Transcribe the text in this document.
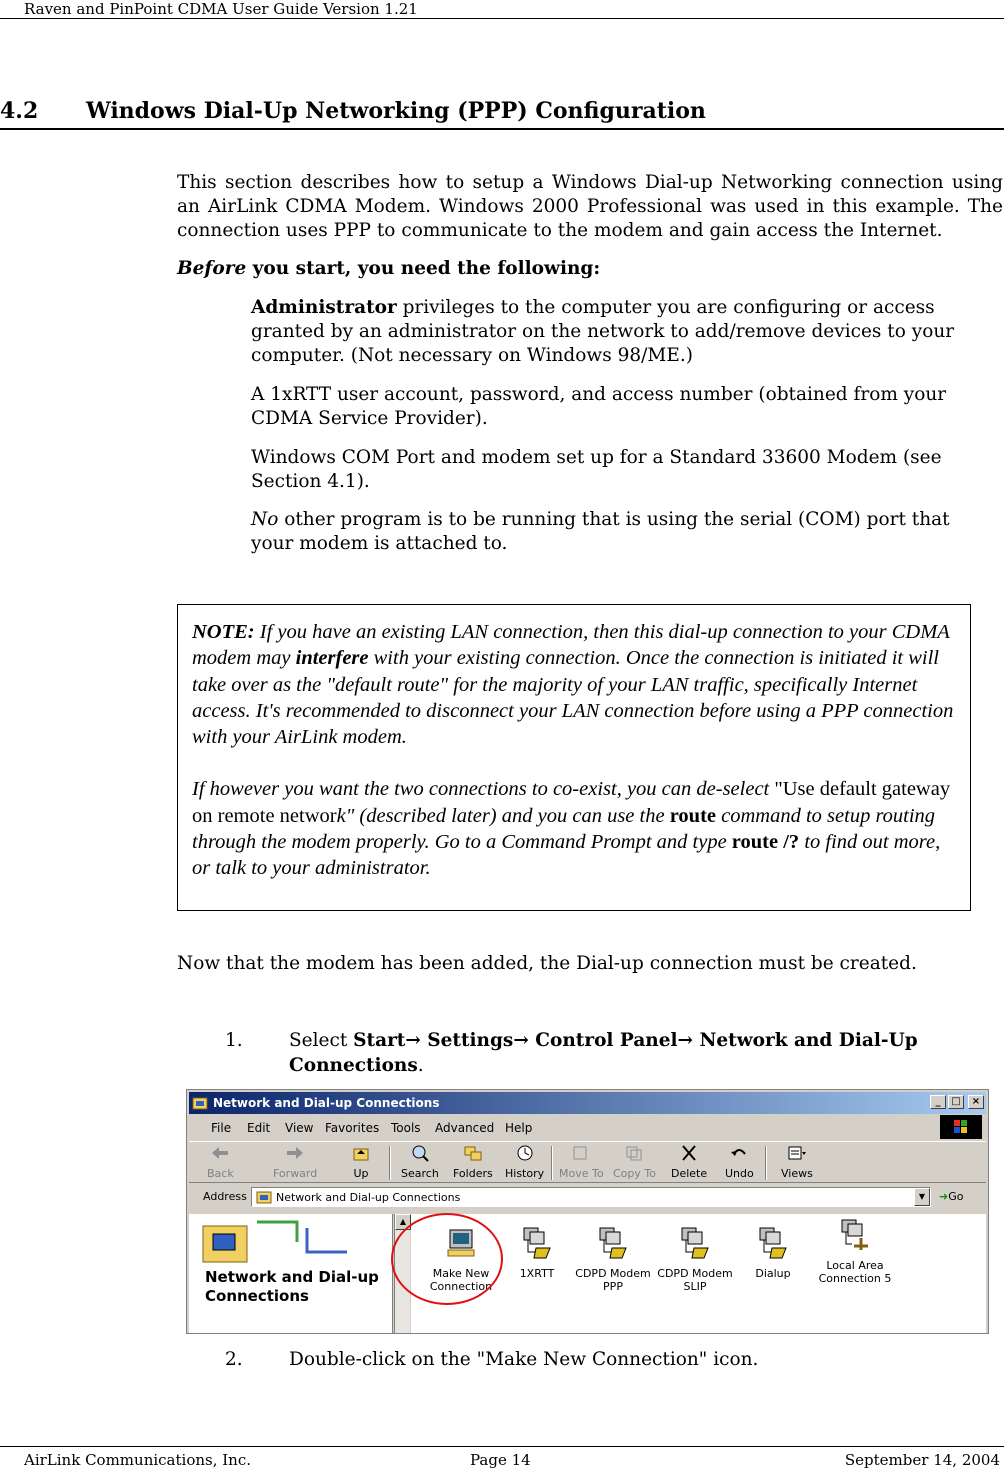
Raven and PinPoint CDMA User Guide Version 1.21
4.2 Windows Dial-Up Networking (PPP) Configuration
This section describes how to setup a Windows Dial-up Networking connection using an AirLink CDMA Modem. Windows 2000 Professional was used in this example. The connection uses PPP to communicate to the modem and gain access the Internet.
Before you start, you need the following:
Administrator privileges to the computer you are configuring or access granted by an administrator on the network to add/remove devices to your computer. (Not necessary on Windows 98/ME.)
A 1xRTT user account, password, and access number (obtained from your CDMA Service Provider).
Windows COM Port and modem set up for a Standard 33600 Modem (see Section 4.1).
No other program is to be running that is using the serial (COM) port that your modem is attached to.

NOTE: If you have an existing LAN connection, then this dial-up connection to your CDMA modem may interfere with your existing connection. Once the connection is initiated it will take over as the "default route" for the majority of your LAN traffic, specifically Internet access. It's recommended to disconnect your LAN connection before using a PPP connection with your AirLink modem.

If however you want the two connections to co-exist, you can de-select "Use default gateway on remote network" (described later) and you can use the route command to setup routing through the modem properly. Go to a Command Prompt and type route /? to find out more, or talk to your administrator.

Now that the modem has been added, the Dial-up connection must be created.
1.	Select Start→ Settings→ Control Panel→ Network and Dial-Up Connections.
Network and Dial-up Connections	_	□	×
File Edit View Favorites Tools Advanced Help
Back	Forward	Up	Search Folders History Move To Copy To Delete Undo Views
Address	Network and Dial-up Connections	▼	➜Go
Network and Dial-up Connections
▲
Make New Connection
1XRTT	CDPD Modem PPP
CDPD Modem SLIP
Dialup
Local Area Connection 5
2.	Double-click on the "Make New Connection" icon.
AirLink Communications, Inc.	Page 14	September 14, 2004
